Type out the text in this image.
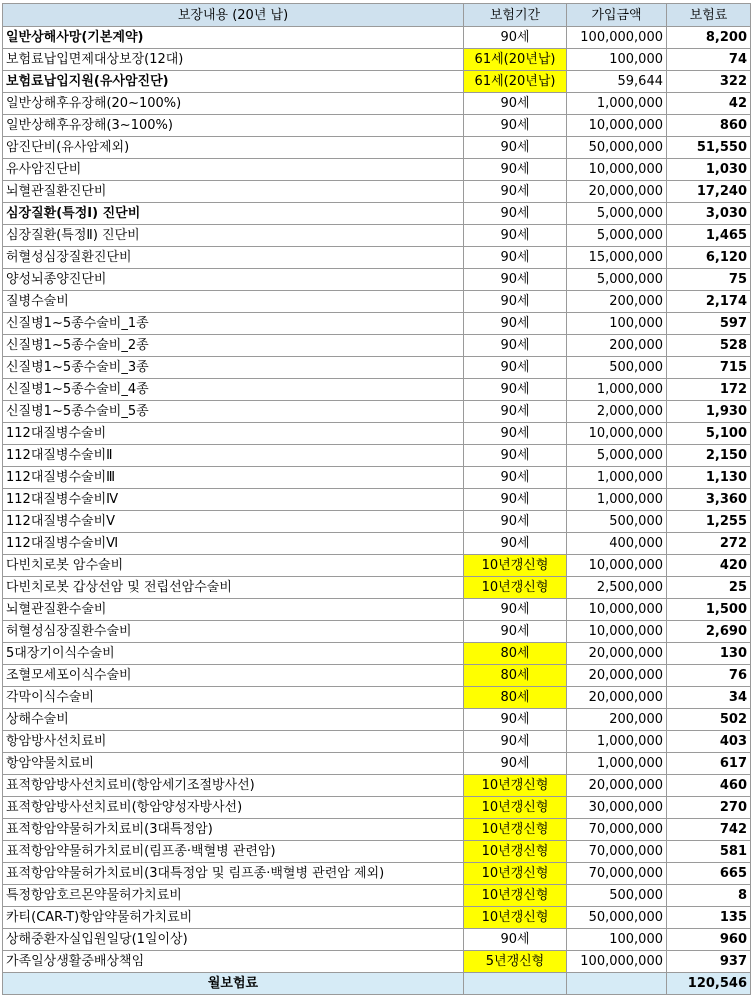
보장내용 (20년 납)	보험기간	가입금액	보험료
일반상해사망(기본계약)	90세	100,000,000	8,200
보험료납입면제대상보장(12대)	61세(20년납)	100,000	74
보험료납입지원(유사암진단)	61세(20년납)	59,644	322
일반상해후유장해(20~100%)	90세	1,000,000	42
일반상해후유장해(3~100%)	90세	10,000,000	860
암진단비(유사암제외)	90세	50,000,000	51,550
유사암진단비	90세	10,000,000	1,030
뇌혈관질환진단비	90세	20,000,000	17,240
심장질환(특정Ⅰ) 진단비	90세	5,000,000	3,030
심장질환(특정Ⅱ) 진단비	90세	5,000,000	1,465
허혈성심장질환진단비	90세	15,000,000	6,120
양성뇌종양진단비	90세	5,000,000	75
질병수술비	90세	200,000	2,174
신질병1~5종수술비_1종	90세	100,000	597
신질병1~5종수술비_2종	90세	200,000	528
신질병1~5종수술비_3종	90세	500,000	715
신질병1~5종수술비_4종	90세	1,000,000	172
신질병1~5종수술비_5종	90세	2,000,000	1,930
112대질병수술비	90세	10,000,000	5,100
112대질병수술비Ⅱ	90세	5,000,000	2,150
112대질병수술비Ⅲ	90세	1,000,000	1,130
112대질병수술비Ⅳ	90세	1,000,000	3,360
112대질병수술비Ⅴ	90세	500,000	1,255
112대질병수술비Ⅵ	90세	400,000	272
다빈치로봇 암수술비	10년갱신형	10,000,000	420
다빈치로봇 갑상선암 및 전립선암수술비	10년갱신형	2,500,000	25
뇌혈관질환수술비	90세	10,000,000	1,500
허혈성심장질환수술비	90세	10,000,000	2,690
5대장기이식수술비	80세	20,000,000	130
조혈모세포이식수술비	80세	20,000,000	76
각막이식수술비	80세	20,000,000	34
상해수술비	90세	200,000	502
항암방사선치료비	90세	1,000,000	403
항암약물치료비	90세	1,000,000	617
표적항암방사선치료비(항암세기조절방사선)	10년갱신형	20,000,000	460
표적항암방사선치료비(항암양성자방사선)	10년갱신형	30,000,000	270
표적항암약물허가치료비(3대특정암)	10년갱신형	70,000,000	742
표적항암약물허가치료비(림프종·백혈병 관련암)	10년갱신형	70,000,000	581
표적항암약물허가치료비(3대특정암 및 림프종·백혈병 관련암 제외)	10년갱신형	70,000,000	665
특정항암호르몬약물허가치료비	10년갱신형	500,000	8
카티(CAR-T)항암약물허가치료비	10년갱신형	50,000,000	135
상해중환자실입원일당(1일이상)	90세	100,000	960
가족일상생활중배상책임	5년갱신형	100,000,000	937
월보험료			120,546
